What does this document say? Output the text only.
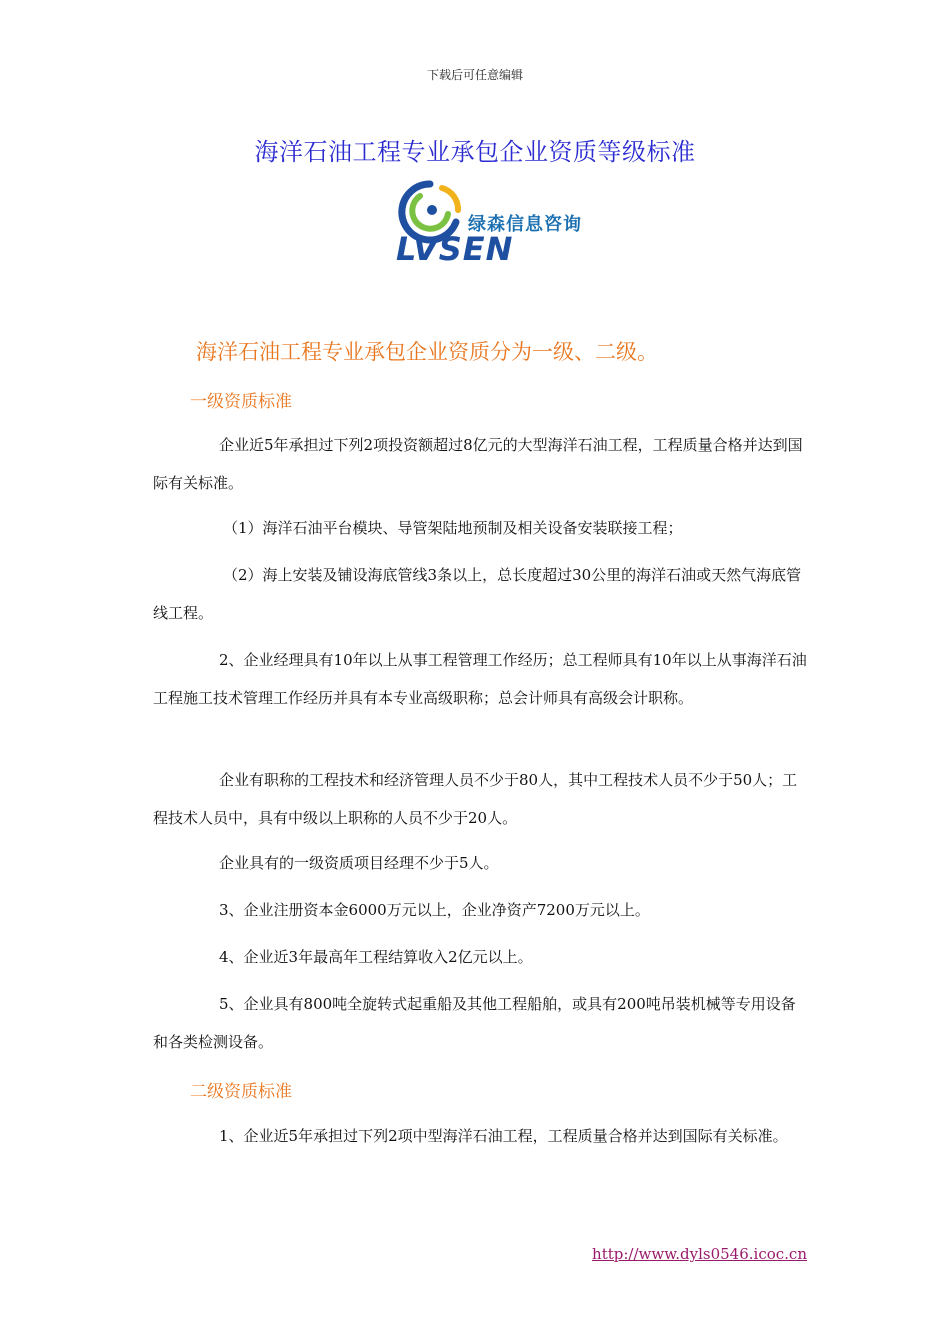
下载后可任意编辑
海洋石油工程专业承包企业资质等级标准
绿森信息咨询
LVSEN
海洋石油工程专业承包企业资质分为一级、二级。
一级资质标准

企业近5年承担过下列2项投资额超过8亿元的大型海洋石油工程，工程质量合格并达到国际有关标准。

（1）海洋石油平台模块、导管架陆地预制及相关设备安装联接工程；

（2）海上安装及铺设海底管线3条以上，总长度超过30公里的海洋石油或天然气海底管线工程。

2、企业经理具有10年以上从事工程管理工作经历；总工程师具有10年以上从事海洋石油工程施工技术管理工作经历并具有本专业高级职称；总会计师具有高级会计职称。

企业有职称的工程技术和经济管理人员不少于80人，其中工程技术人员不少于50人；工程技术人员中，具有中级以上职称的人员不少于20人。

企业具有的一级资质项目经理不少于5人。

3、企业注册资本金6000万元以上，企业净资产7200万元以上。

4、企业近3年最高年工程结算收入2亿元以上。

5、企业具有800吨全旋转式起重船及其他工程船舶，或具有200吨吊装机械等专用设备和各类检测设备。

二级资质标准

1、企业近5年承担过下列2项中型海洋石油工程，工程质量合格并达到国际有关标准。

http://www.dyls0546.icoc.cn
